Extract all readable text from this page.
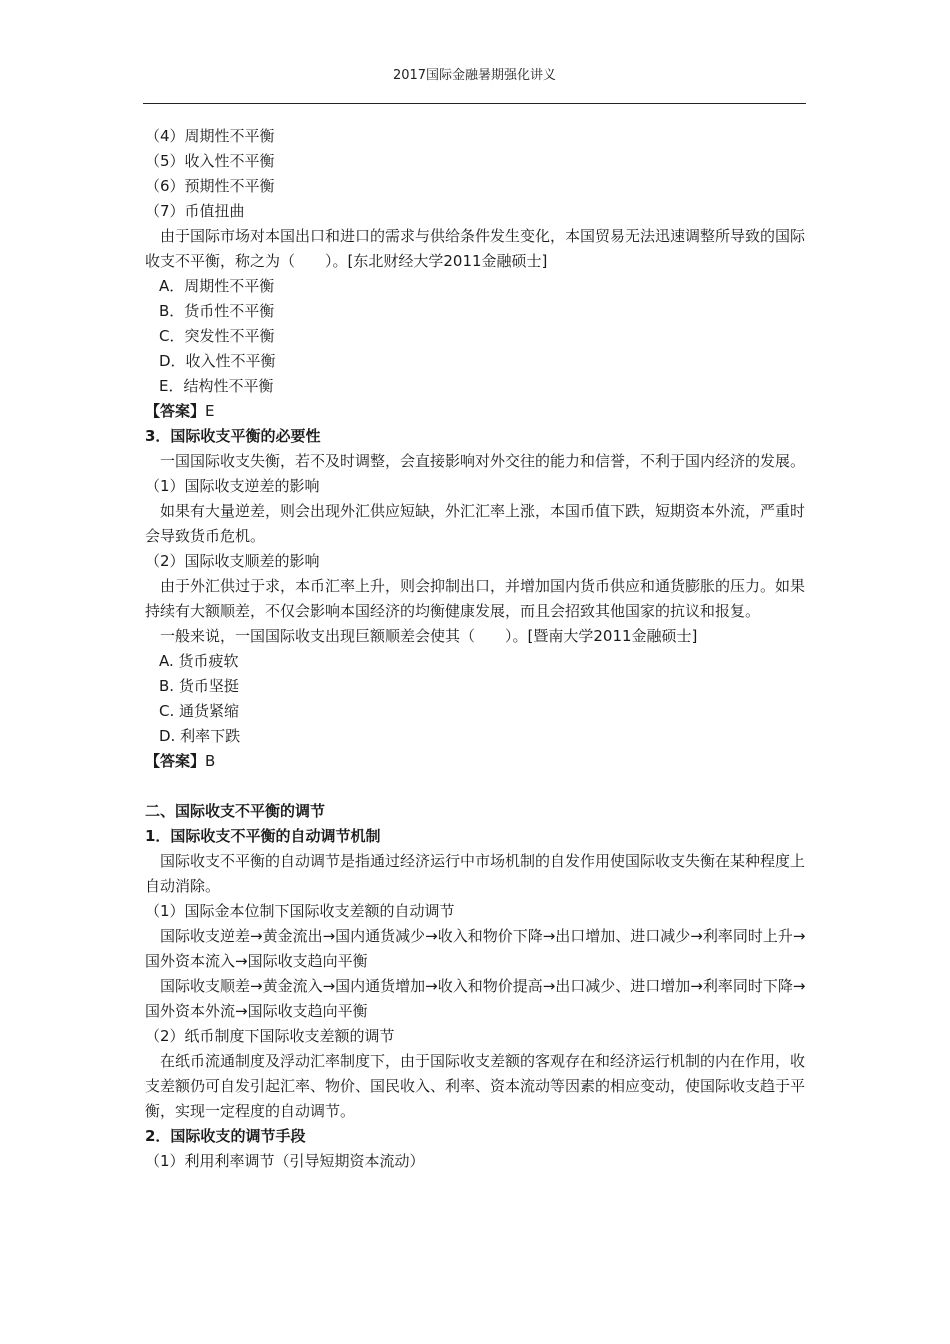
2017国际金融暑期强化讲义

（4）周期性不平衡

（5）收入性不平衡

（6）预期性不平衡

（7）币值扭曲

由于国际市场对本国出口和进口的需求与供给条件发生变化，本国贸易无法迅速调整所导致的国际收支不平衡，称之为（　　）。[东北财经大学2011金融硕士]

A．周期性不平衡

B．货币性不平衡

C．突发性不平衡

D．收入性不平衡

E．结构性不平衡

【答案】E

3．国际收支平衡的必要性

一国国际收支失衡，若不及时调整，会直接影响对外交往的能力和信誉，不利于国内经济的发展。

（1）国际收支逆差的影响

如果有大量逆差，则会出现外汇供应短缺，外汇汇率上涨，本国币值下跌，短期资本外流，严重时会导致货币危机。

（2）国际收支顺差的影响

由于外汇供过于求，本币汇率上升，则会抑制出口，并增加国内货币供应和通货膨胀的压力。如果持续有大额顺差，不仅会影响本国经济的均衡健康发展，而且会招致其他国家的抗议和报复。

一般来说，一国国际收支出现巨额顺差会使其（　　）。[暨南大学2011金融硕士]

A. 货币疲软

B. 货币坚挺

C. 通货紧缩

D. 利率下跌

【答案】B

二、国际收支不平衡的调节

1．国际收支不平衡的自动调节机制

国际收支不平衡的自动调节是指通过经济运行中市场机制的自发作用使国际收支失衡在某种程度上自动消除。

（1）国际金本位制下国际收支差额的自动调节

国际收支逆差→黄金流出→国内通货减少→收入和物价下降→出口增加、进口减少→利率同时上升→国外资本流入→国际收支趋向平衡

国际收支顺差→黄金流入→国内通货增加→收入和物价提高→出口减少、进口增加→利率同时下降→国外资本外流→国际收支趋向平衡

（2）纸币制度下国际收支差额的调节

在纸币流通制度及浮动汇率制度下，由于国际收支差额的客观存在和经济运行机制的内在作用，收支差额仍可自发引起汇率、物价、国民收入、利率、资本流动等因素的相应变动，使国际收支趋于平衡，实现一定程度的自动调节。

2．国际收支的调节手段

（1）利用利率调节（引导短期资本流动）
